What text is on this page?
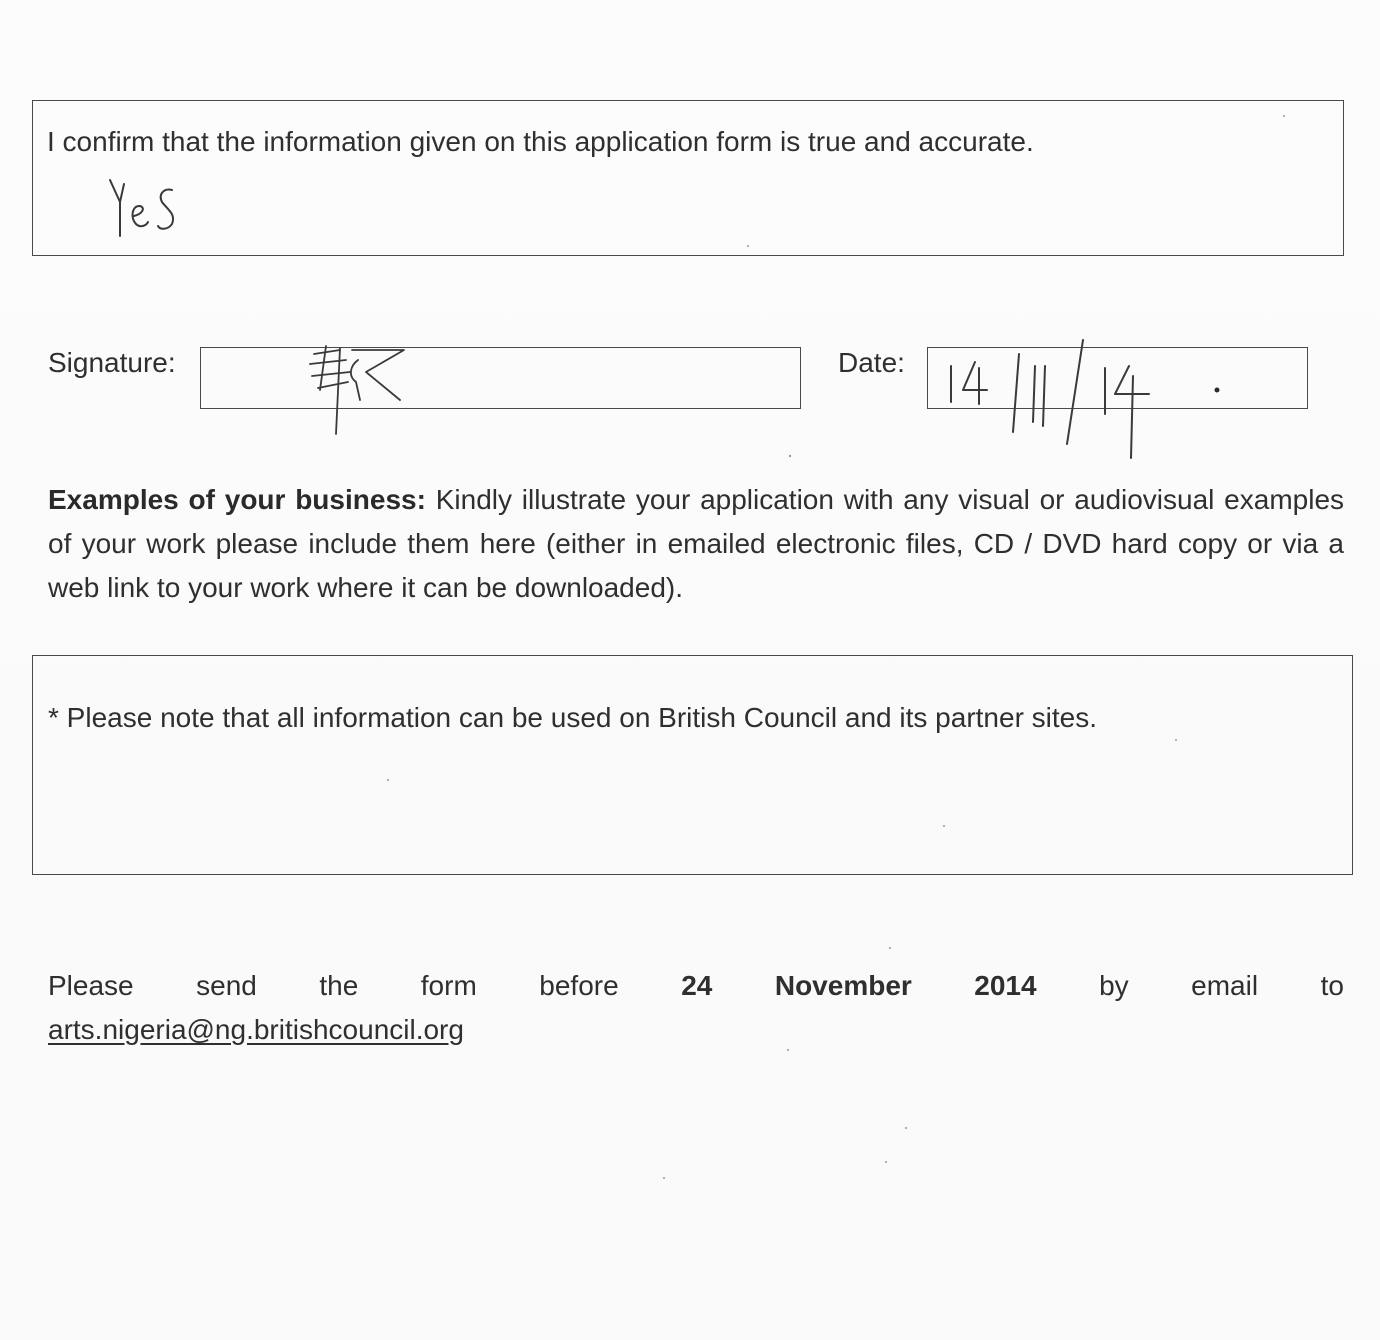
I confirm that the information given on this application form is true and accurate.
Signature:	Date:
Examples of your business: Kindly illustrate your application with any visual or audiovisual examples of your work please include them here (either in emailed electronic files, CD / DVD hard copy or via a web link to your work where it can be downloaded).
* Please note that all information can be used on British Council and its partner sites.
Please send the form before 24 November 2014 by email to
arts.nigeria@ng.britishcouncil.org
